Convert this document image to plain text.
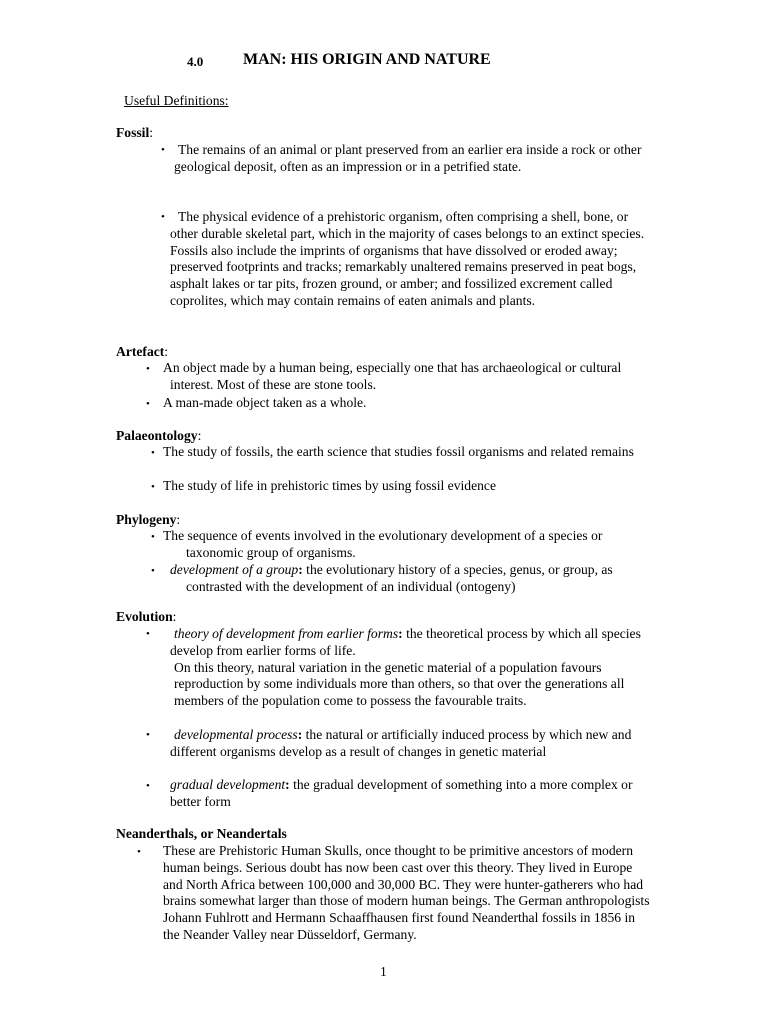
4.0 MAN: HIS ORIGIN AND NATURE
Useful Definitions:
Fossil:
• The remains of an animal or plant preserved from an earlier era inside a rock or other geological deposit, often as an impression or in a petrified state.
• The physical evidence of a prehistoric organism, often comprising a shell, bone, or other durable skeletal part, which in the majority of cases belongs to an extinct species. Fossils also include the imprints of organisms that have dissolved or eroded away; preserved footprints and tracks; remarkably unaltered remains preserved in peat bogs, asphalt lakes or tar pits, frozen ground, or amber; and fossilized excrement called coprolites, which may contain remains of eaten animals and plants.
Artefact:
• An object made by a human being, especially one that has archaeological or cultural interest. Most of these are stone tools.
• A man-made object taken as a whole.
Palaeontology:
• The study of fossils, the earth science that studies fossil organisms and related remains
• The study of life in prehistoric times by using fossil evidence
Phylogeny:
• The sequence of events involved in the evolutionary development of a species or taxonomic group of organisms.
• development of a group: the evolutionary history of a species, genus, or group, as contrasted with the development of an individual (ontogeny)
Evolution:
• theory of development from earlier forms: the theoretical process by which all species develop from earlier forms of life.

On this theory, natural variation in the genetic material of a population favours reproduction by some individuals more than others, so that over the generations all members of the population come to possess the favourable traits.

• developmental process: the natural or artificially induced process by which new and different organisms develop as a result of changes in genetic material
• gradual development: the gradual development of something into a more complex or better form
Neanderthals, or Neandertals
• These are Prehistoric Human Skulls, once thought to be primitive ancestors of modern human beings. Serious doubt has now been cast over this theory. They lived in Europe and North Africa between 100,000 and 30,000 BC. They were hunter-gatherers who had brains somewhat larger than those of modern human beings. The German anthropologists Johann Fuhlrott and Hermann Schaaffhausen first found Neanderthal fossils in 1856 in the Neander Valley near Düsseldorf, Germany.
1
